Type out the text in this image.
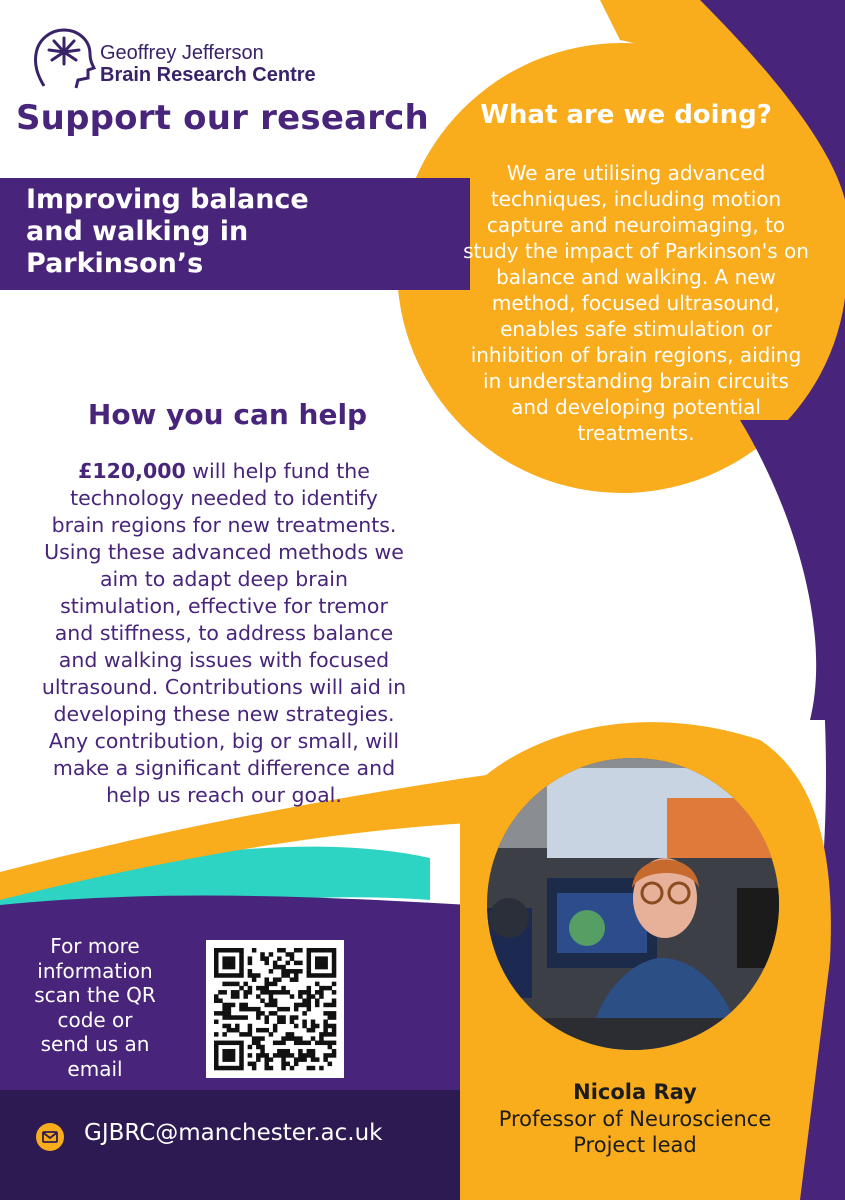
Geoffrey Jefferson
Brain Research Centre
Support our research
Improving balance
and walking in
Parkinson’s
What are we doing?
We are utilising advanced
techniques, including motion
capture and neuroimaging, to
study the impact of Parkinson's on
balance and walking. A new
method, focused ultrasound,
enables safe stimulation or
inhibition of brain regions, aiding
in understanding brain circuits
and developing potential
treatments.
How you can help
£120,000 will help fund the
technology needed to identify
brain regions for new treatments.
Using these advanced methods we
aim to adapt deep brain
stimulation, effective for tremor
and stiffness, to address balance
and walking issues with focused
ultrasound. Contributions will aid in
developing these new strategies.
Any contribution, big or small, will
make a significant difference and
help us reach our goal.
For more
information
scan the QR
code or
send us an
email
GJBRC@manchester.ac.uk
Nicola Ray
Professor of Neuroscience
Project lead
